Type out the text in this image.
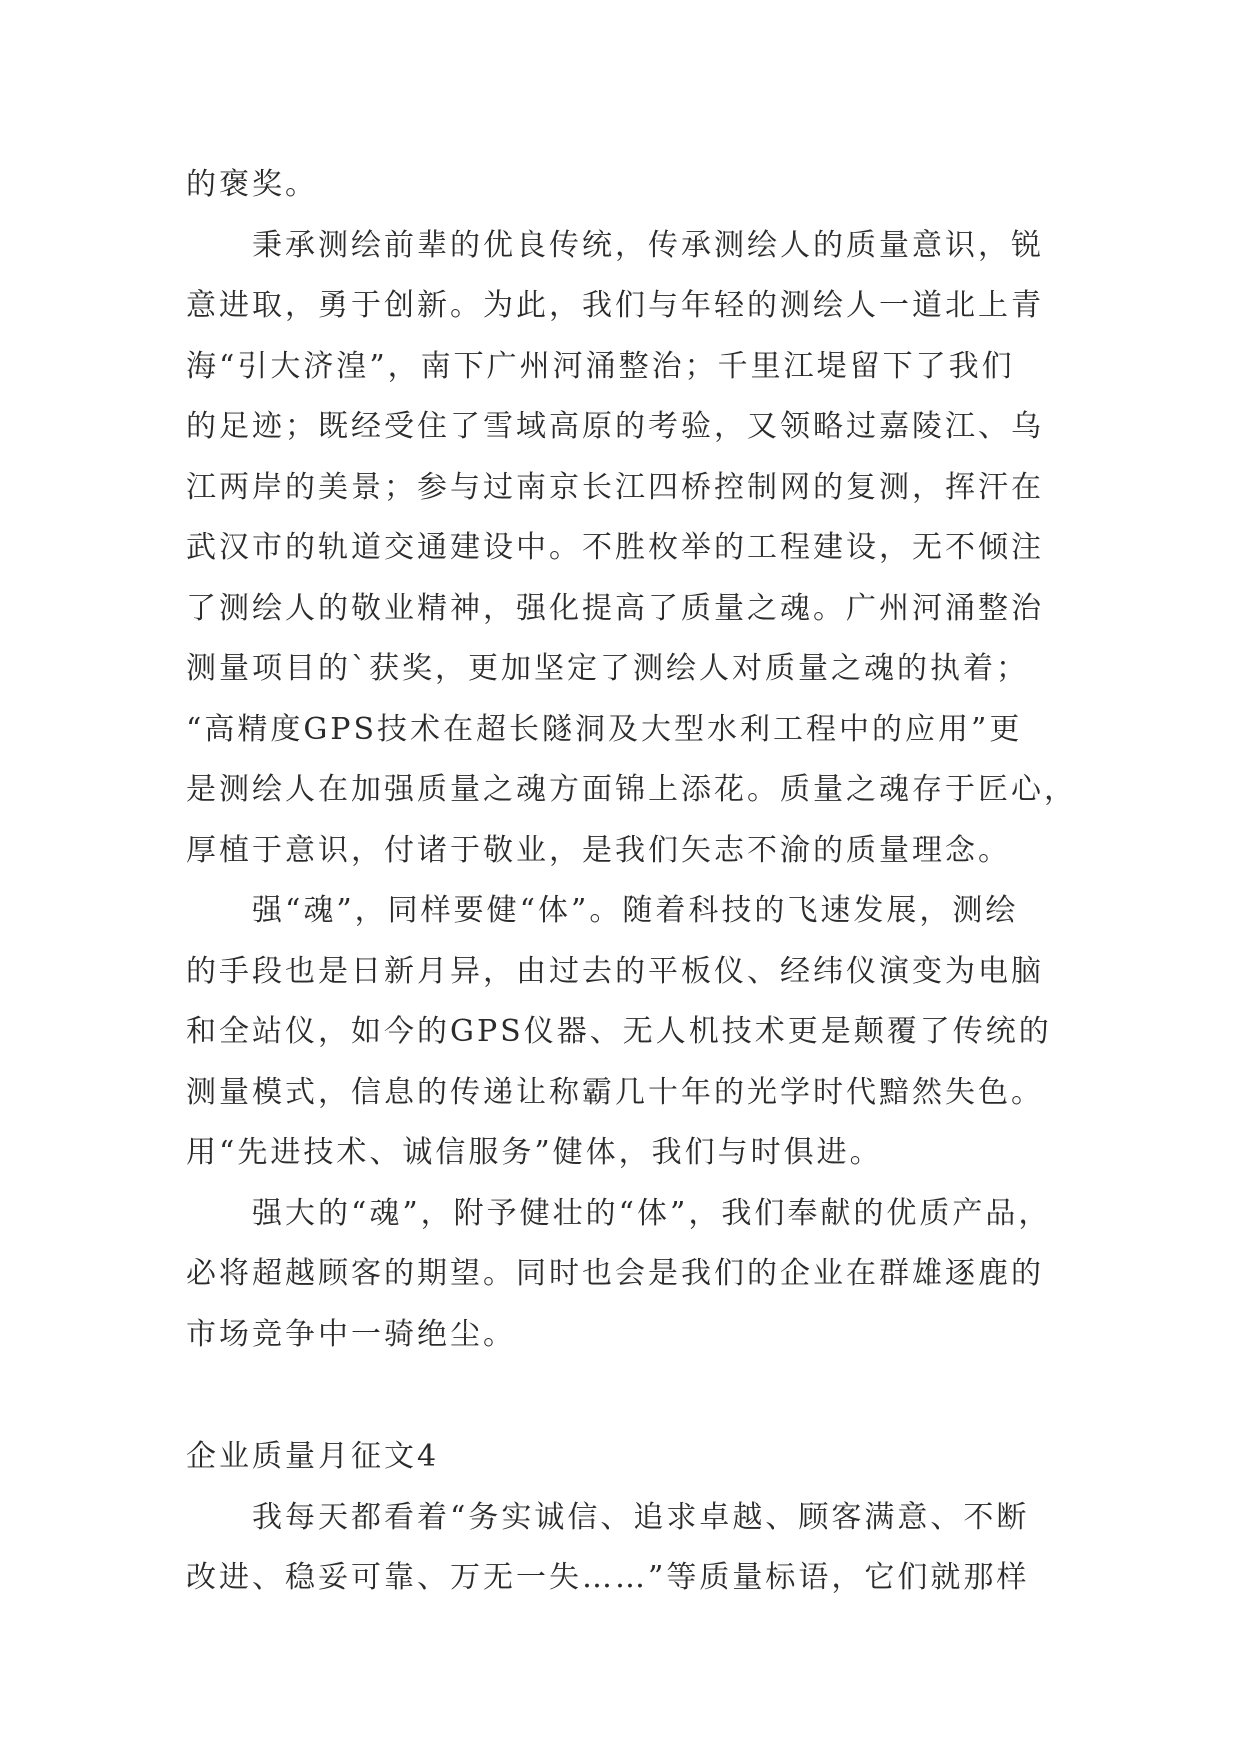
的褒奖。
秉承测绘前辈的优良传统，传承测绘人的质量意识，锐
意进取，勇于创新。为此，我们与年轻的测绘人一道北上青
海“引大济湟”，南下广州河涌整治；千里江堤留下了我们
的足迹；既经受住了雪域高原的考验，又领略过嘉陵江、乌
江两岸的美景；参与过南京长江四桥控制网的复测，挥汗在
武汉市的轨道交通建设中。不胜枚举的工程建设，无不倾注
了测绘人的敬业精神，强化提高了质量之魂。广州河涌整治
测量项目的`获奖，更加坚定了测绘人对质量之魂的执着；
“高精度GPS技术在超长隧洞及大型水利工程中的应用”更
是测绘人在加强质量之魂方面锦上添花。质量之魂存于匠心，
厚植于意识，付诸于敬业，是我们矢志不渝的质量理念。
强“魂”，同样要健“体”。随着科技的飞速发展，测绘
的手段也是日新月异，由过去的平板仪、经纬仪演变为电脑
和全站仪，如今的GPS仪器、无人机技术更是颠覆了传统的
测量模式，信息的传递让称霸几十年的光学时代黯然失色。
用“先进技术、诚信服务”健体，我们与时俱进。
强大的“魂”，附予健壮的“体”，我们奉献的优质产品，
必将超越顾客的期望。同时也会是我们的企业在群雄逐鹿的
市场竞争中一骑绝尘。
企业质量月征文4
我每天都看着“务实诚信、追求卓越、顾客满意、不断
改进、稳妥可靠、万无一失……”等质量标语，它们就那样
